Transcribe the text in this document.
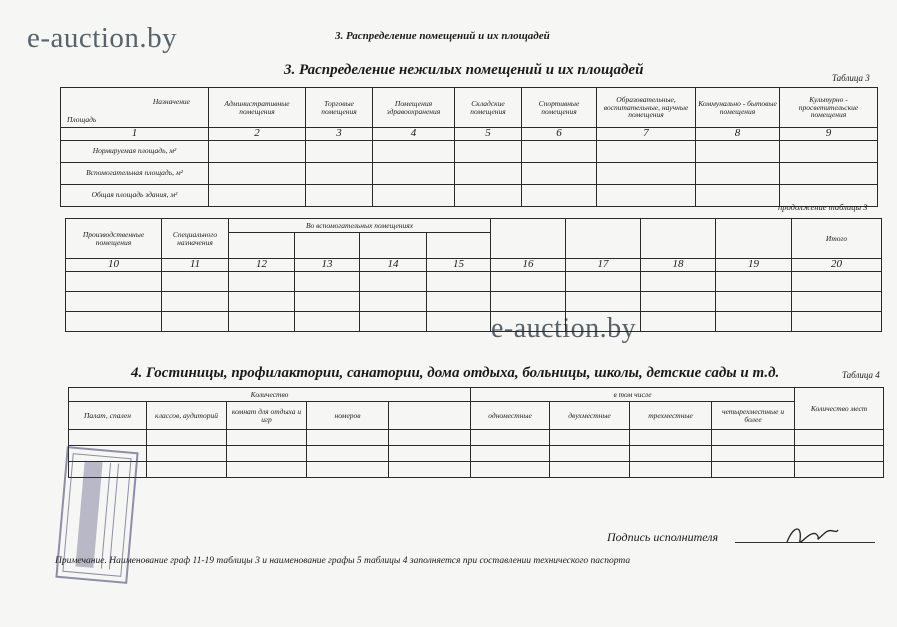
e-auction.by
e-auction.by
3. Распределение помещений и их площадей
3. Распределение нежилых помещений и их площадей	Таблица 3
Назначение
Площадь	Административные помещения	Торговые помещения	Помещения здравоохранения	Складские помещения	Спортивные помещения	Образовательные, воспитательные, научные помещения	Коммунально - бытовые помещения	Культурно - просветительские помещения
1	2	3	4	5	6	7	8	9
Нормируемая площадь, м²								
Вспомогательная площадь, м²								
Общая площадь здания, м²								
продолжение таблицы 3
Производственные помещения	Специального назначения	Во вспомогательных помещениях								Итого

10	11	12	13	14	15	16	17	18	19	20

4. Гостиницы, профилактории, санатории, дома отдыха, больницы, школы, детские сады и т.д.	Таблица 4
Количество					в том числе				Количество мест
Палат, спален	классов, аудиторий	комнат для отдыха и игр	номеров		одноместные	двухместные	трехместные	четырехместные и более	

Подпись исполнителя
Примечание. Наименование граф 11-19 таблицы 3 и наименование графы 5 таблицы 4 заполняется при составлении технического паспорта
